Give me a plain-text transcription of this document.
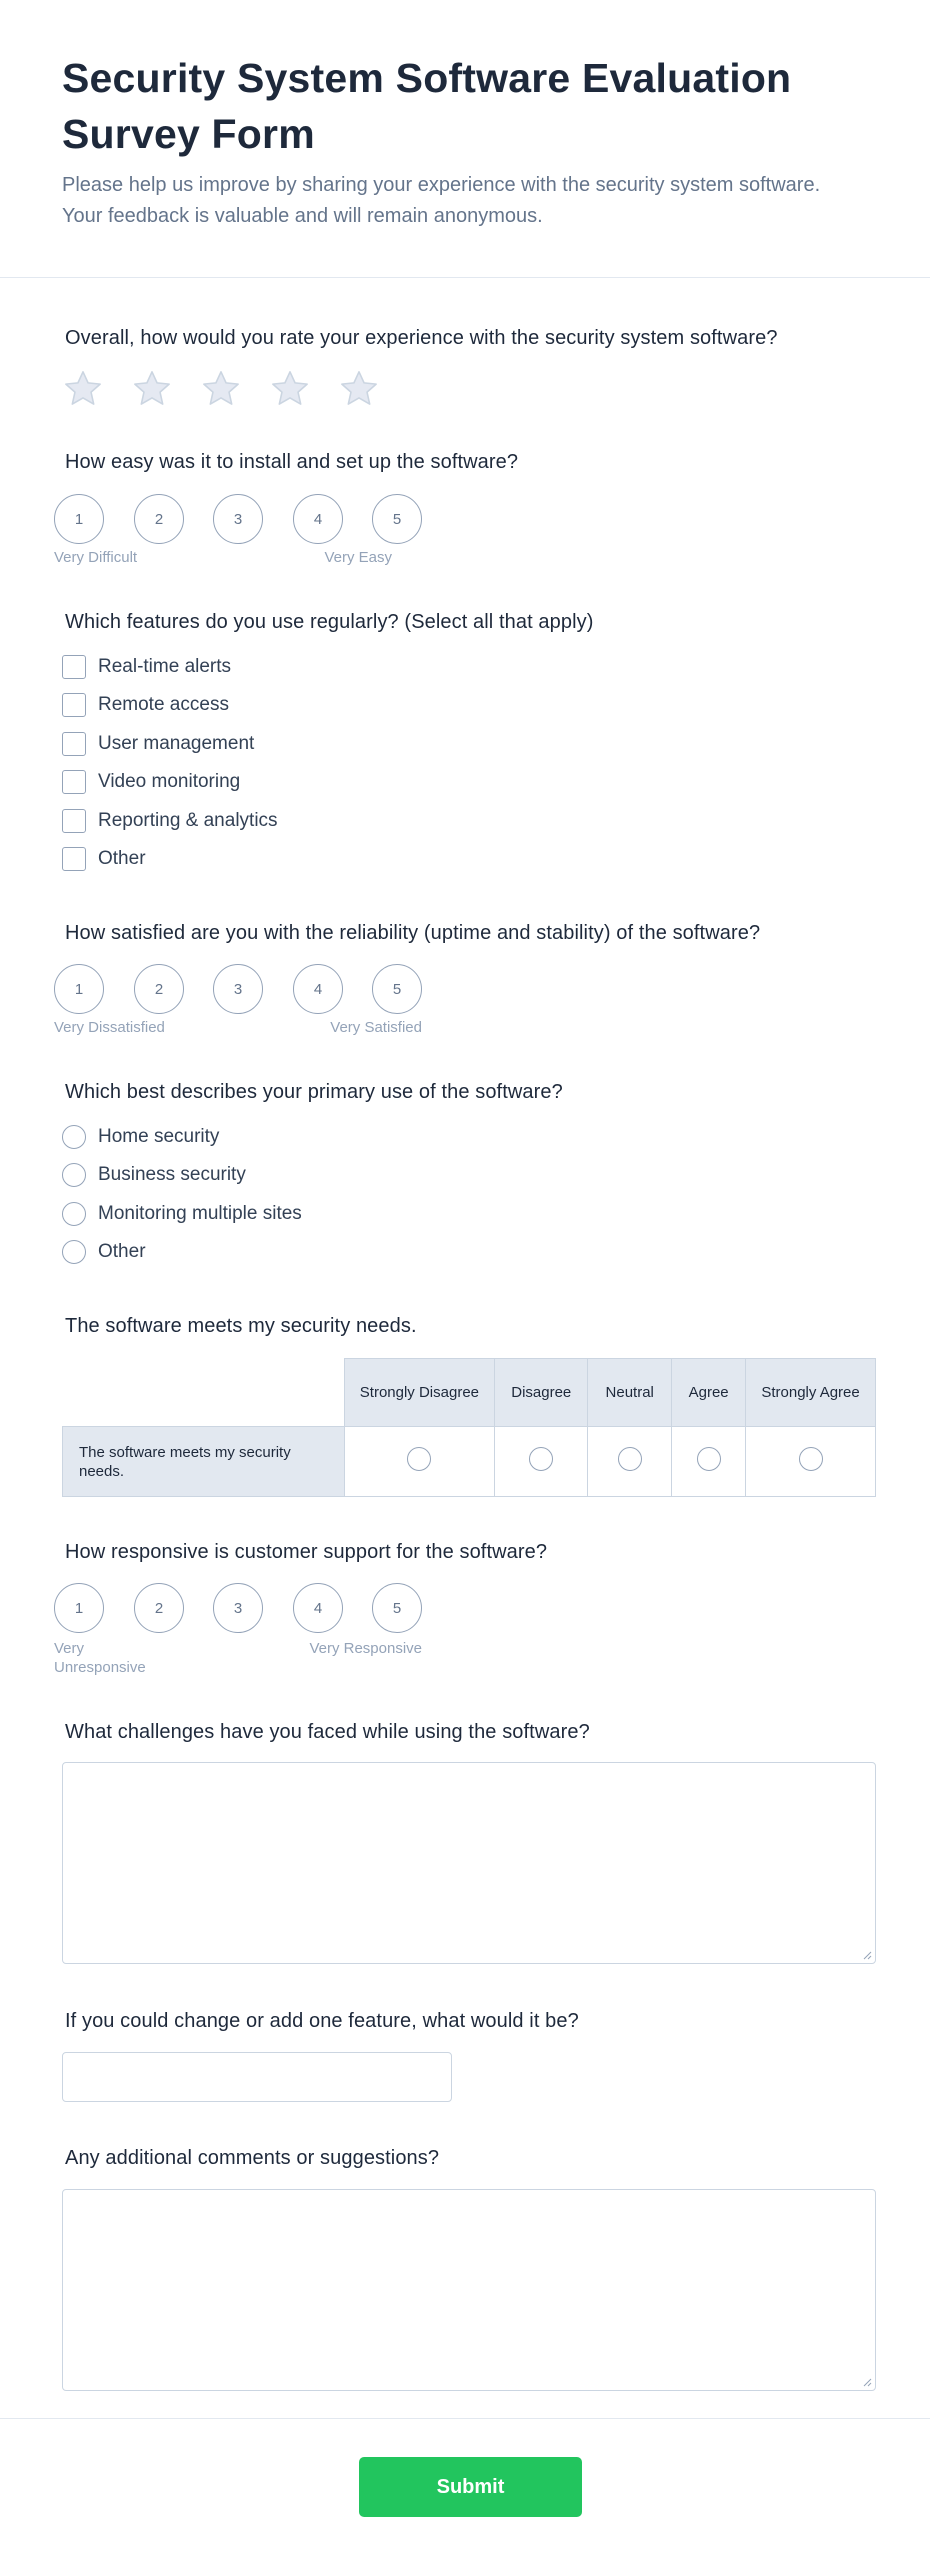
Security System Software Evaluation Survey Form

Please help us improve by sharing your experience with the security system software. Your feedback is valuable and will remain anonymous.

Overall, how would you rate your experience with the security system software?
How easy was it to install and set up the software?
1	2	3	4	5
Very Difficult	Very Easy
Which features do you use regularly? (Select all that apply)
Real-time alerts
Remote access
User management
Video monitoring
Reporting & analytics
Other
How satisfied are you with the reliability (uptime and stability) of the software?
1	2	3	4	5
Very Dissatisfied	Very Satisfied
Which best describes your primary use of the software?
Home security
Business security
Monitoring multiple sites
Other
The software meets my security needs.
	Strongly Disagree	Disagree	Neutral	Agree	Strongly Agree
The software meets my security needs.					
How responsive is customer support for the software?
1	2	3	4	5
Very Unresponsive
Very Responsive
What challenges have you faced while using the software?
If you could change or add one feature, what would it be?
Any additional comments or suggestions?
Submit
